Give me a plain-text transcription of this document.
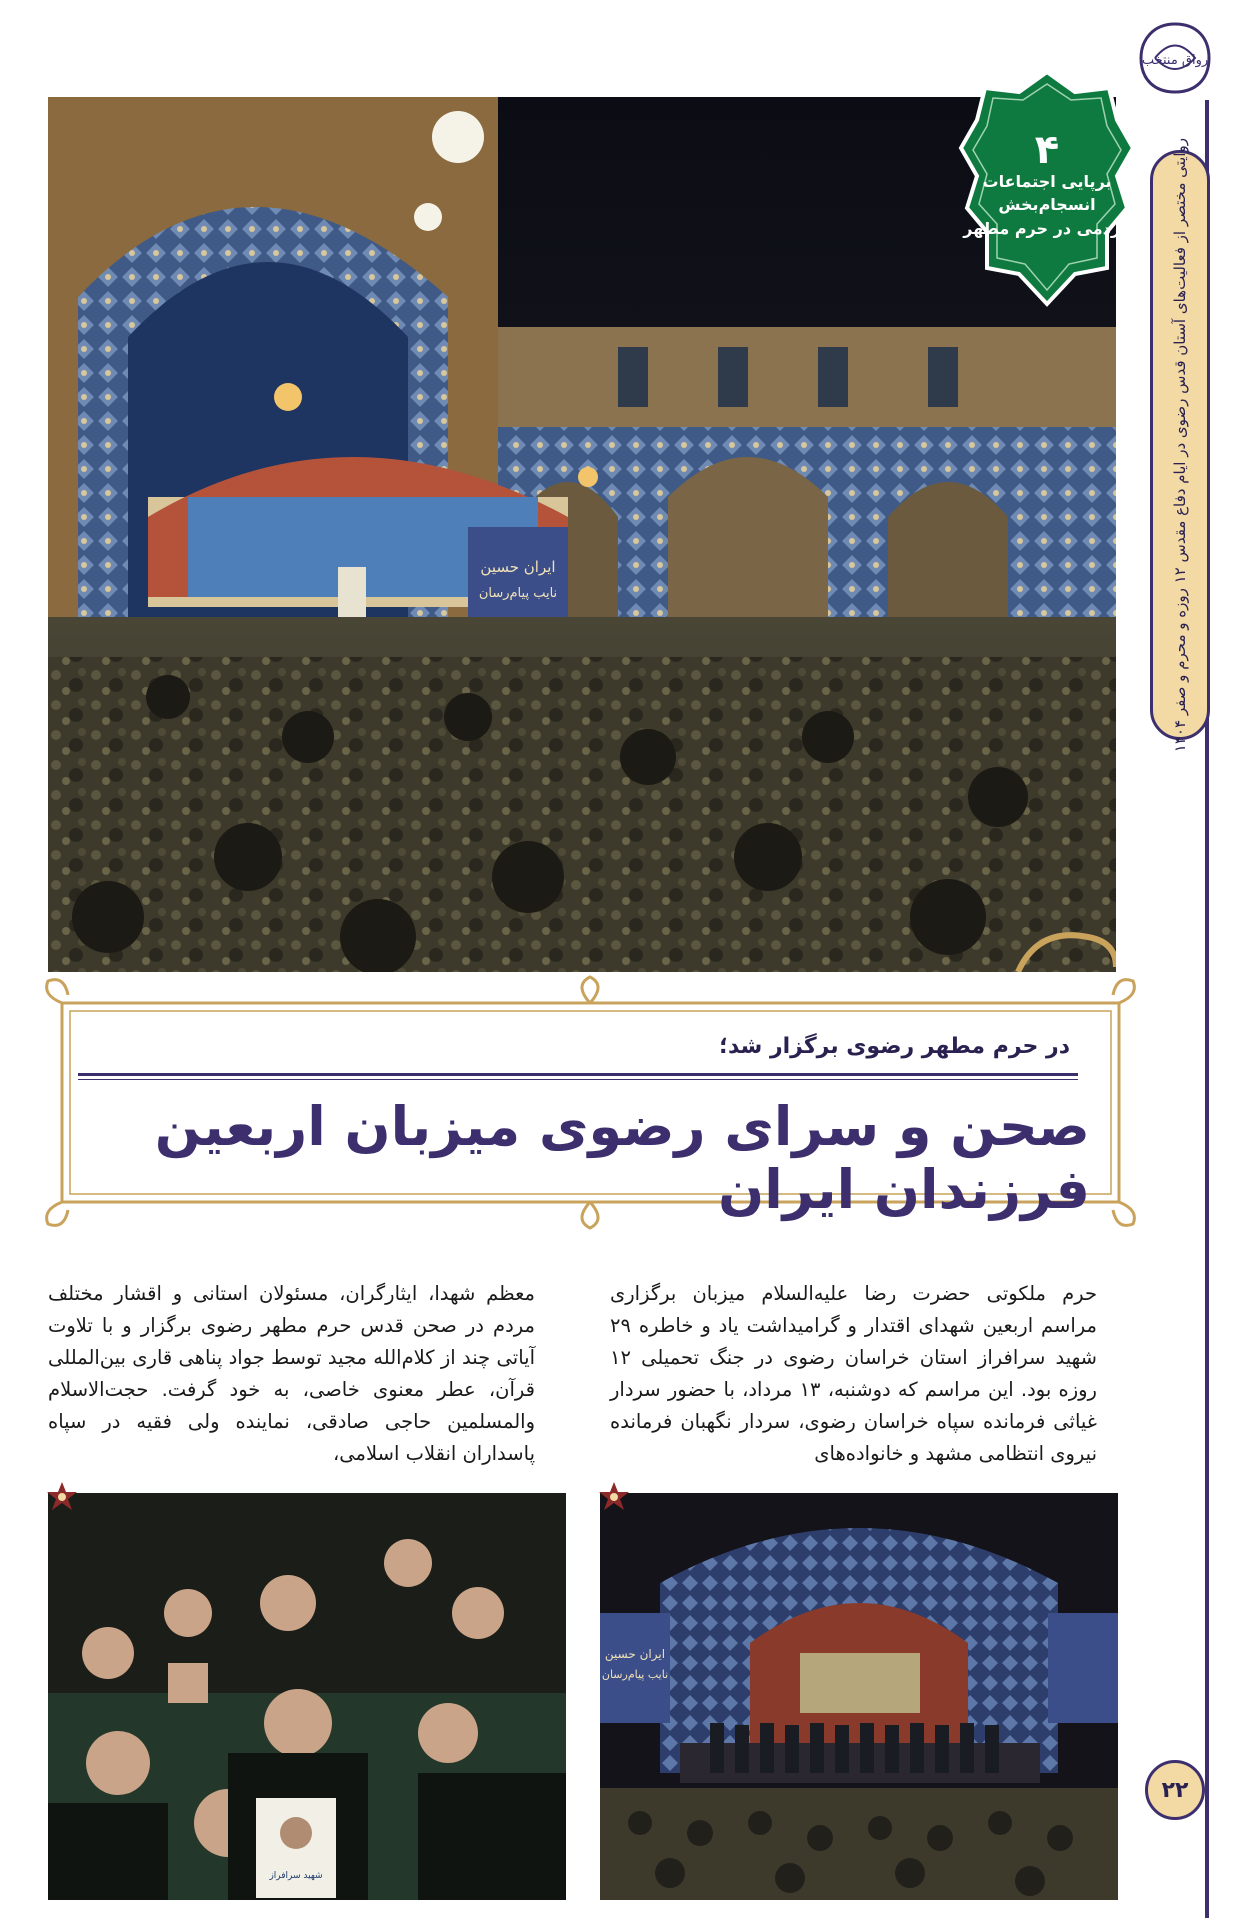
رواق منتخب
روایتی مختصر از فعالیت‌های آستان قدس رضوی در ایام دفاع مقدس ۱۲ روزه و محرم و صفر ۱۴۰۴
۲۲
ایران حسین
نایب پیام‌رسان
۴
برپایی اجتماعات
انسجام‌بخش
مردمی در حرم مطهر
در حرم مطهر رضوی برگزار شد؛
صحن و سرای رضوی میزبان اربعین فرزندان ایران

حرم ملکوتی حضرت رضا علیه‌السلام میزبان برگزاری مراسم اربعین شهدای اقتدار و گرامیداشت یاد و خاطره ۲۹ شهید سرافراز استان خراسان رضوی در جنگ تحمیلی ۱۲ روزه بود. این مراسم که دوشنبه، ۱۳ مرداد، با حضور سردار غیاثی فرمانده سپاه خراسان رضوی، سردار نگهبان فرمانده نیروی انتظامی مشهد و خانواده‌های

معظم شهدا، ایثارگران، مسئولان استانی و اقشار مختلف مردم در صحن قدس حرم مطهر رضوی برگزار و با تلاوت آیاتی چند از کلام‌الله مجید توسط جواد پناهی قاری بین‌المللی قرآن، عطر معنوی خاصی، به خود گرفت. حجت‌الاسلام والمسلمین حاجی صادقی، نماینده ولی فقیه در سپاه پاسداران انقلاب اسلامی،

ایران حسین
نایب پیام‌رسان
شهید سرافراز
